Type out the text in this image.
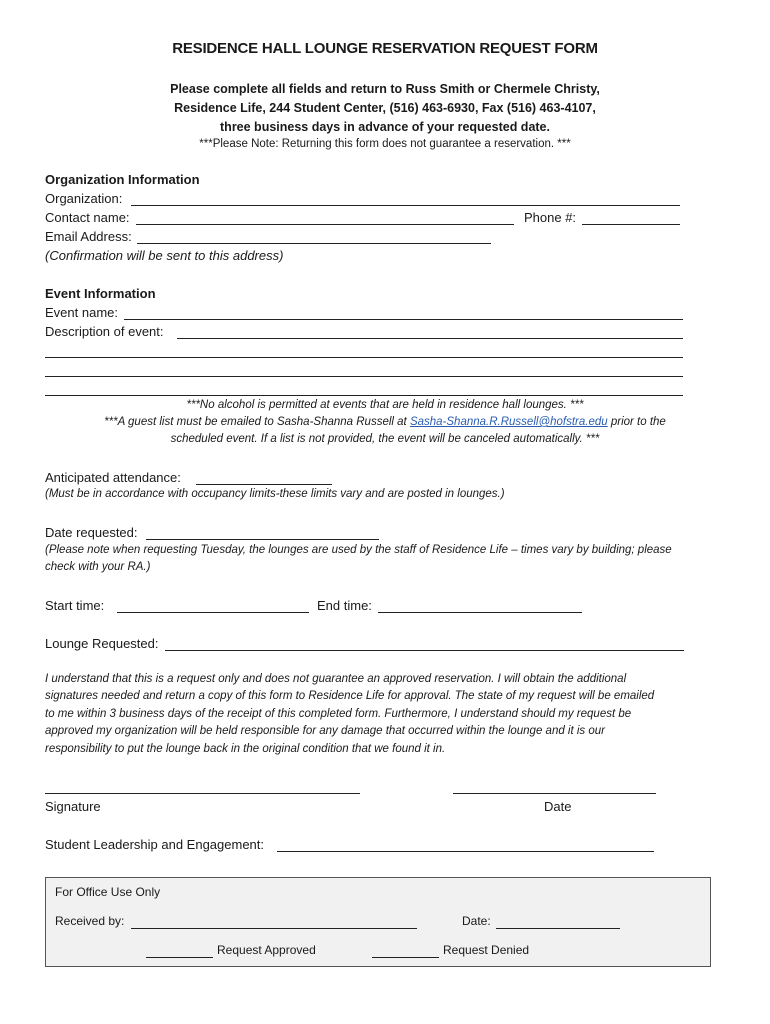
RESIDENCE HALL LOUNGE RESERVATION REQUEST FORM
Please complete all fields and return to Russ Smith or Chermele Christy,
Residence Life, 244 Student Center, (516) 463-6930, Fax (516) 463-4107,
three business days in advance of your requested date.
***Please Note: Returning this form does not guarantee a reservation. ***
Organization Information
Organization:
Contact name:	Phone #:
Email Address:
(Confirmation will be sent to this address)
Event Information
Event name:
Description of event:
***No alcohol is permitted at events that are held in residence hall lounges. ***
***A guest list must be emailed to Sasha-Shanna Russell at Sasha-Shanna.R.Russell@hofstra.edu prior to the
scheduled event. If a list is not provided, the event will be canceled automatically. ***
Anticipated attendance:
(Must be in accordance with occupancy limits-these limits vary and are posted in lounges.)
Date requested:
(Please note when requesting Tuesday, the lounges are used by the staff of Residence Life – times vary by building; please
check with your RA.)
Start time:	End time:
Lounge Requested:
I understand that this is a request only and does not guarantee an approved reservation. I will obtain the additional
signatures needed and return a copy of this form to Residence Life for approval. The state of my request will be emailed
to me within 3 business days of the receipt of this completed form. Furthermore, I understand should my request be
approved my organization will be held responsible for any damage that occurred within the lounge and it is our
responsibility to put the lounge back in the original condition that we found it in.
Signature	Date
Student Leadership and Engagement:
For Office Use Only
Received by:	Date:
Request Approved	Request Denied
